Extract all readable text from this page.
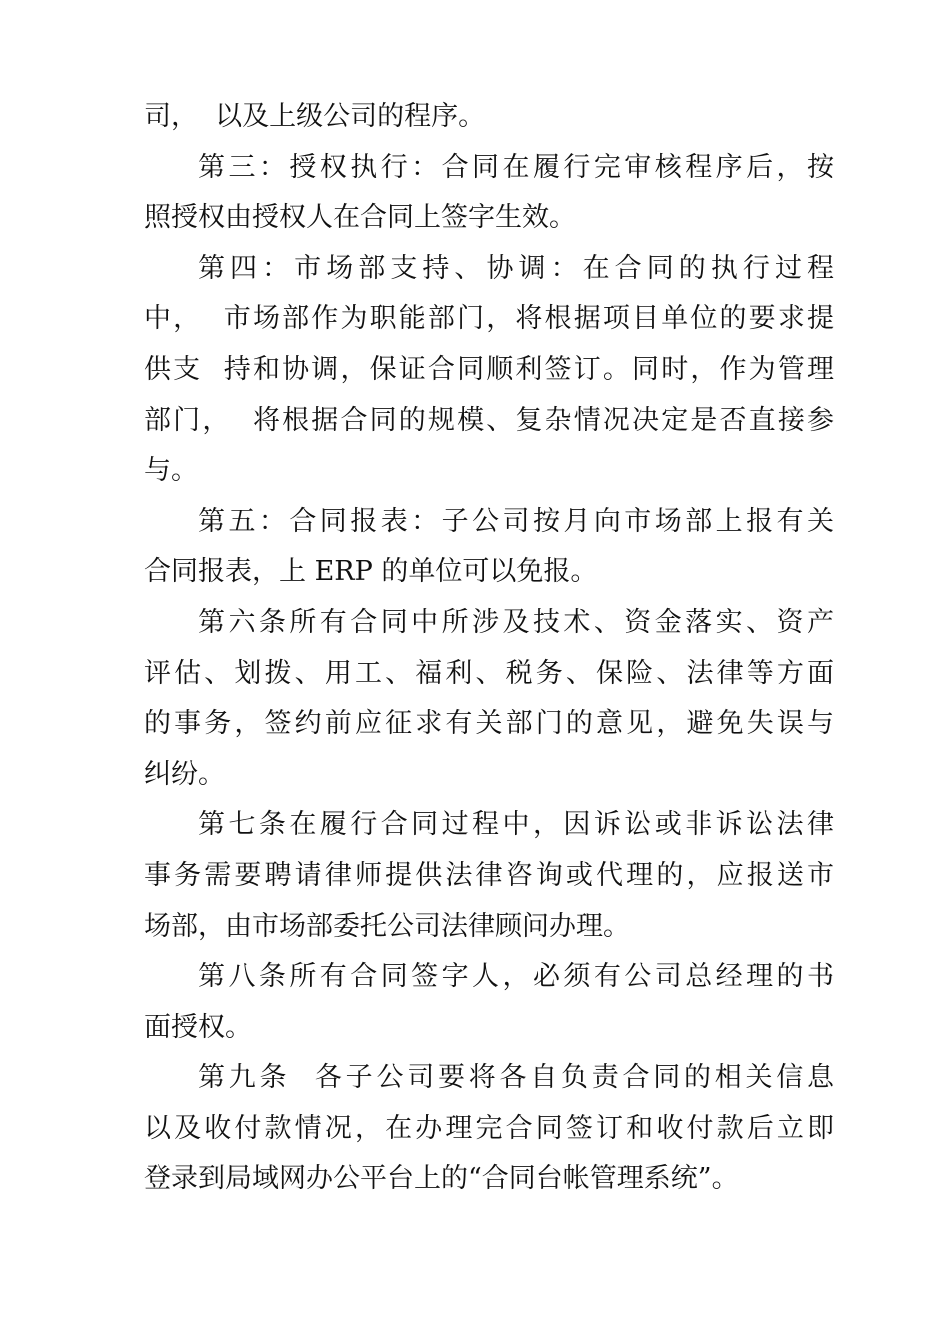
司，  以及上级公司的程序。
第三：授权执行：合同在履行完审核程序后，按
照授权由授权人在合同上签字生效。
第四：市场部支持、协调：在合同的执行过程
中，  市场部作为职能部门，将根据项目单位的要求提
供支  持和协调，保证合同顺利签订。同时，作为管理
部门，  将根据合同的规模、复杂情况决定是否直接参
与。
第五：合同报表：子公司按月向市场部上报有关
合同报表，上 ERP 的单位可以免报。
第六条所有合同中所涉及技术、资金落实、资产
评估、划拨、用工、福利、税务、保险、法律等方面
的事务，签约前应征求有关部门的意见，避免失误与
纠纷。
第七条在履行合同过程中，因诉讼或非诉讼法律
事务需要聘请律师提供法律咨询或代理的，应报送市
场部，由市场部委托公司法律顾问办理。
第八条所有合同签字人，必须有公司总经理的书
面授权。
第九条  各子公司要将各自负责合同的相关信息
以及收付款情况，在办理完合同签订和收付款后立即
登录到局域网办公平台上的“合同台帐管理系统”。
